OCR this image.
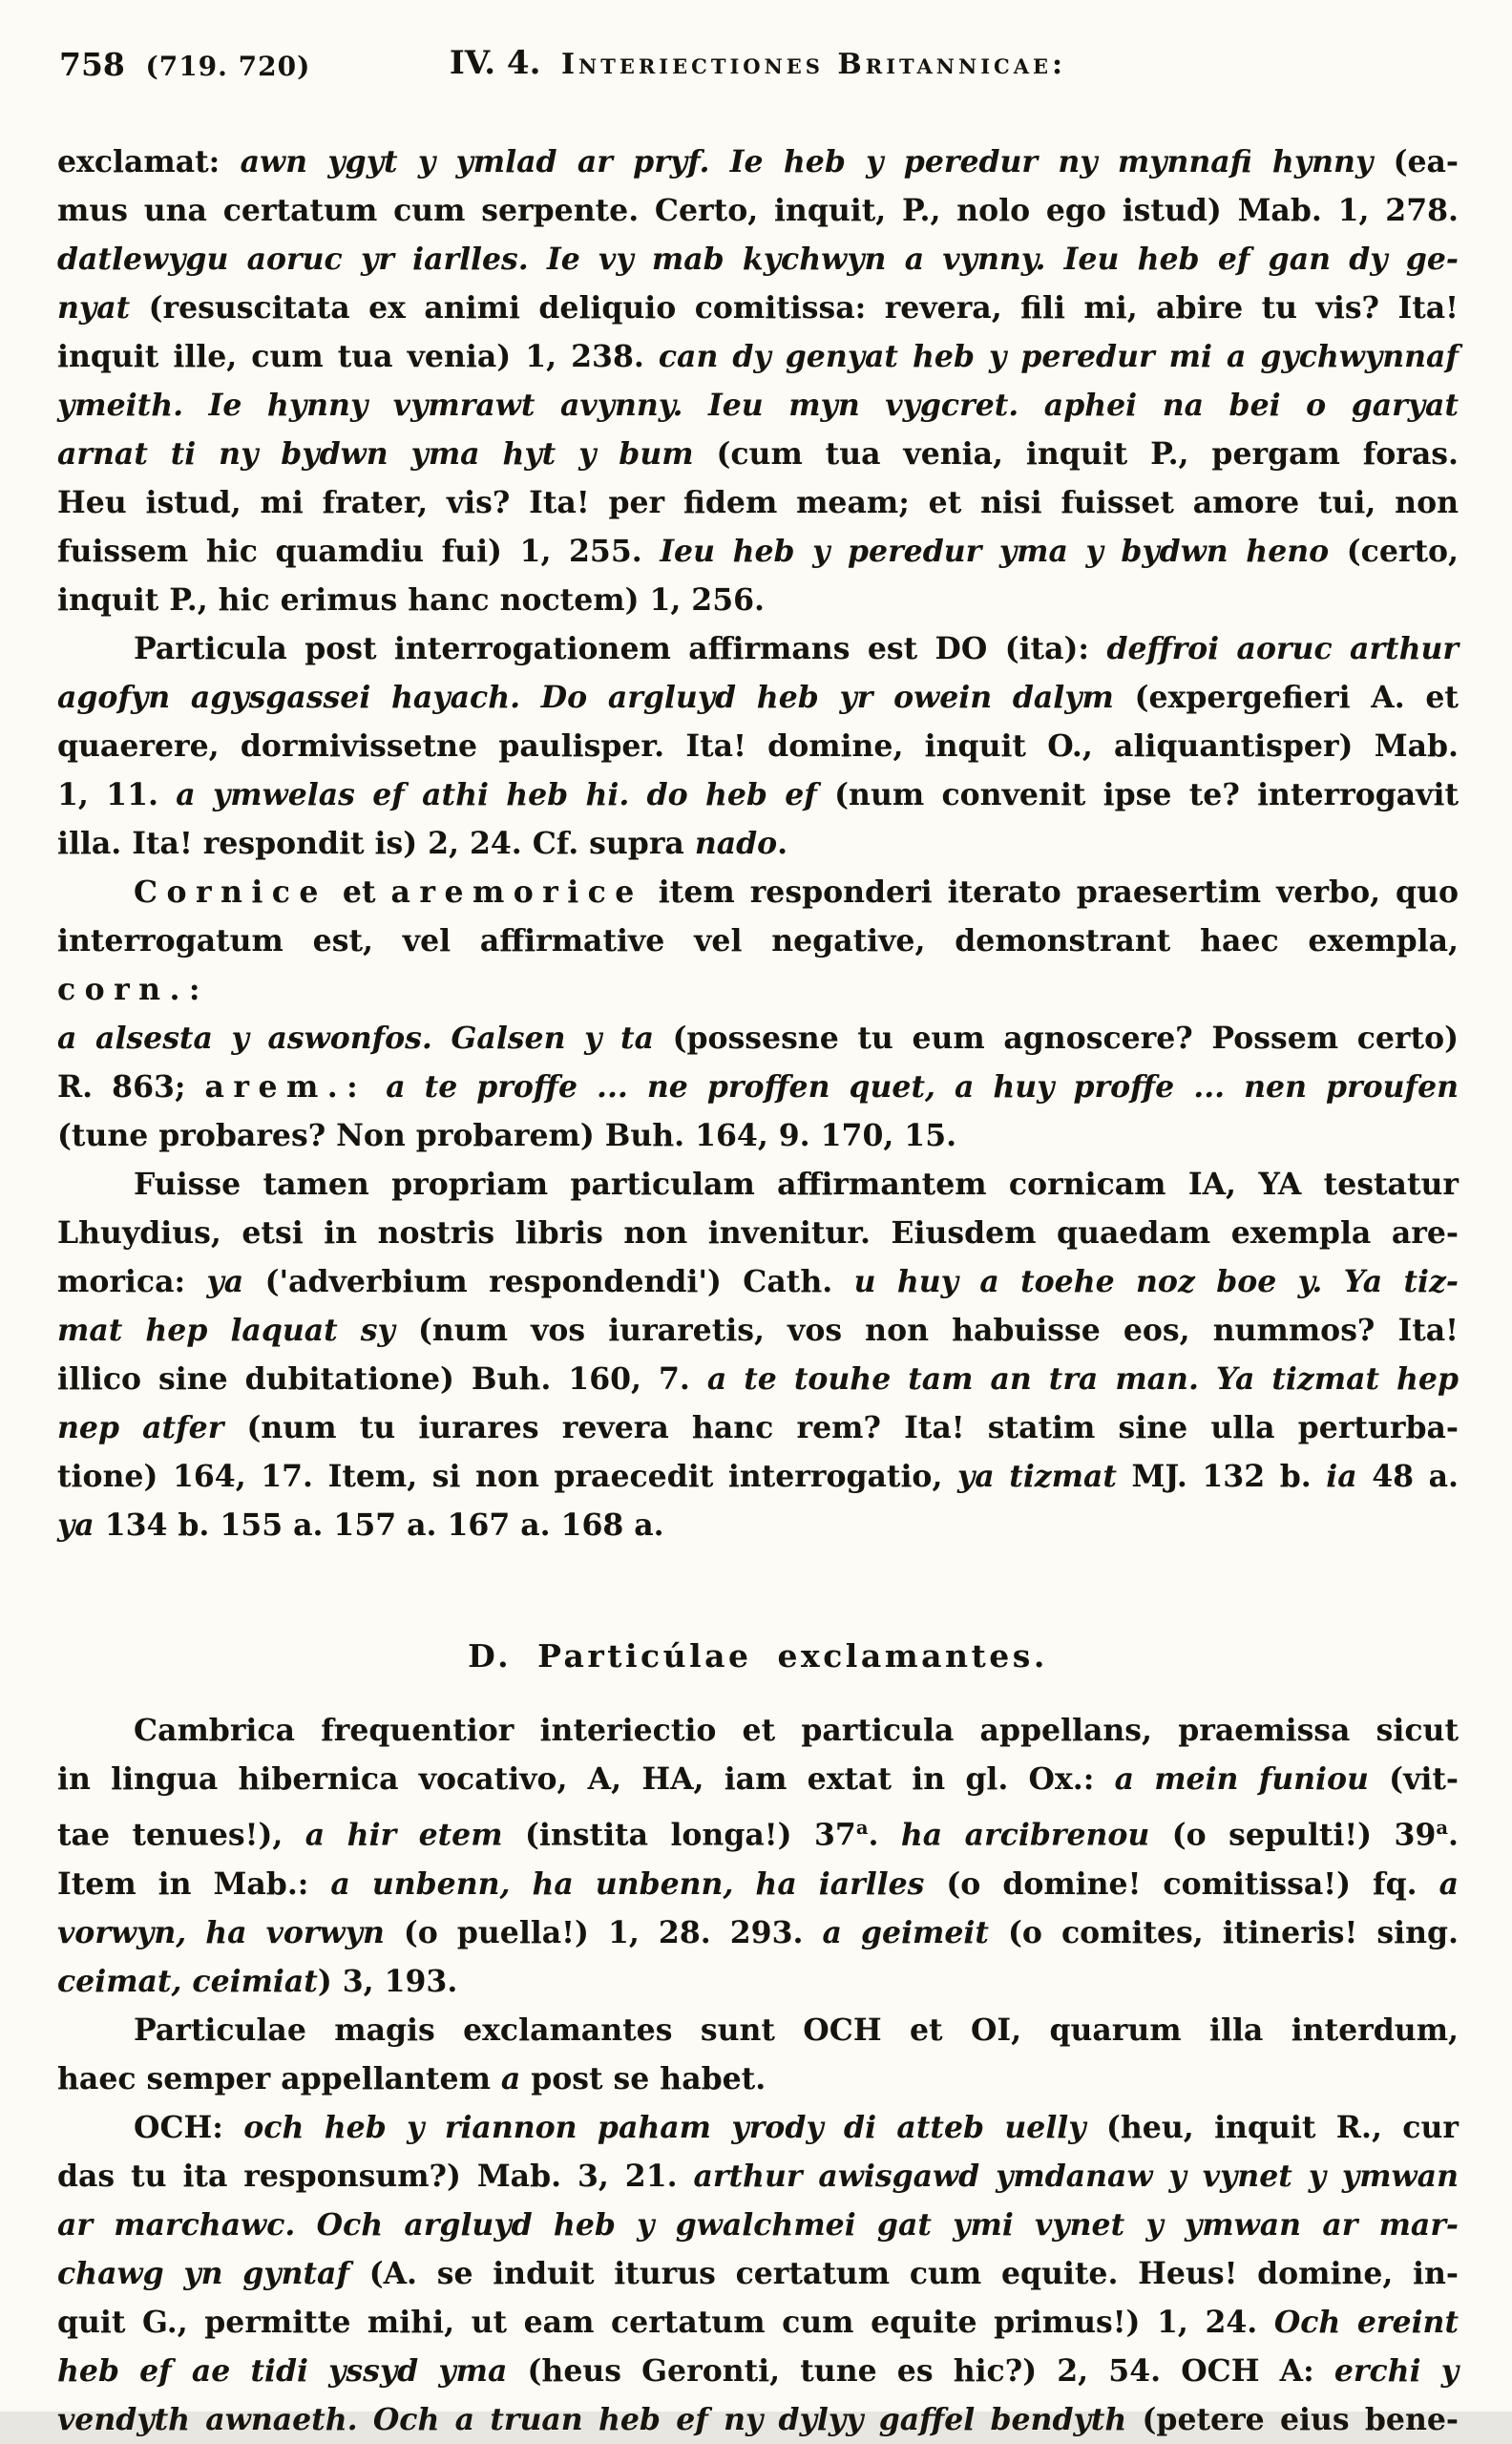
758 (719. 720)	IV. 4. Interiectiones Britannicae:
exclamat: awn ygyt y ymlad ar pryf. Ie heb y peredur ny mynnafi hynny (ea-
mus una certatum cum serpente. Certo, inquit, P., nolo ego istud) Mab. 1, 278.
datlewygu aoruc yr iarlles. Ie vy mab kychwyn a vynny. Ieu heb ef gan dy ge-
nyat (resuscitata ex animi deliquio comitissa: revera, fili mi, abire tu vis? Ita!
inquit ille, cum tua venia) 1, 238. can dy genyat heb y peredur mi a gychwynnaf
ymeith. Ie hynny vymrawt avynny. Ieu myn vygcret. aphei na bei o garyat
arnat ti ny bydwn yma hyt y bum (cum tua venia, inquit P., pergam foras.
Heu istud, mi frater, vis? Ita! per fidem meam; et nisi fuisset amore tui, non
fuissem hic quamdiu fui) 1, 255. Ieu heb y peredur yma y bydwn heno (certo,
inquit P., hic erimus hanc noctem) 1, 256.
Particula post interrogationem affirmans est DO (ita): deffroi aoruc arthur
agofyn agysgassei hayach. Do argluyd heb yr owein dalym (expergefieri A. et
quaerere, dormivissetne paulisper. Ita! domine, inquit O., aliquantisper) Mab.
1, 11. a ymwelas ef athi heb hi. do heb ef (num convenit ipse te? interrogavit
illa. Ita! respondit is) 2, 24. Cf. supra nado.
Cornice et aremorice item responderi iterato praesertim verbo, quo
interrogatum est, vel affirmative vel negative, demonstrant haec exempla, corn.:
a alsesta y aswonfos. Galsen y ta (possesne tu eum agnoscere? Possem certo)
R. 863; arem.: a te proffe ... ne proffen quet, a huy proffe ... nen proufen
(tune probares? Non probarem) Buh. 164, 9. 170, 15.
Fuisse tamen propriam particulam affirmantem cornicam IA, YA testatur
Lhuydius, etsi in nostris libris non invenitur. Eiusdem quaedam exempla are-
morica: ya ('adverbium respondendi') Cath. u huy a toehe noz boe y. Ya tiz-
mat hep laquat sy (num vos iuraretis, vos non habuisse eos, nummos? Ita!
illico sine dubitatione) Buh. 160, 7. a te touhe tam an tra man. Ya tizmat hep
nep atfer (num tu iurares revera hanc rem? Ita! statim sine ulla perturba-
tione) 164, 17. Item, si non praecedit interrogatio, ya tizmat MJ. 132 b. ia 48 a.
ya 134 b. 155 a. 157 a. 167 a. 168 a.
D. Particúlae exclamantes.
Cambrica frequentior interiectio et particula appellans, praemissa sicut
in lingua hibernica vocativo, A, HA, iam extat in gl. Ox.: a mein funiou (vit-
tae tenues!), a hir etem (instita longa!) 37$^a$. ha arcibrenou (o sepulti!) 39$^a$.
Item in Mab.: a unbenn, ha unbenn, ha iarlles (o domine! comitissa!) fq. a
vorwyn, ha vorwyn (o puella!) 1, 28. 293. a geimeit (o comites, itineris! sing.
ceimat, ceimiat) 3, 193.
Particulae magis exclamantes sunt OCH et OI, quarum illa interdum,
haec semper appellantem a post se habet.
OCH: och heb y riannon paham yrody di atteb uelly (heu, inquit R., cur
das tu ita responsum?) Mab. 3, 21. arthur awisgawd ymdanaw y vynet y ymwan
ar marchawc. Och argluyd heb y gwalchmei gat ymi vynet y ymwan ar mar-
chawg yn gyntaf (A. se induit iturus certatum cum equite. Heus! domine, in-
quit G., permitte mihi, ut eam certatum cum equite primus!) 1, 24. Och ereint
heb ef ae tidi yssyd yma (heus Geronti, tune es hic?) 2, 54. OCH A: erchi y
vendyth awnaeth. Och a truan heb ef ny dylyy gaffel bendyth (petere eius bene-
